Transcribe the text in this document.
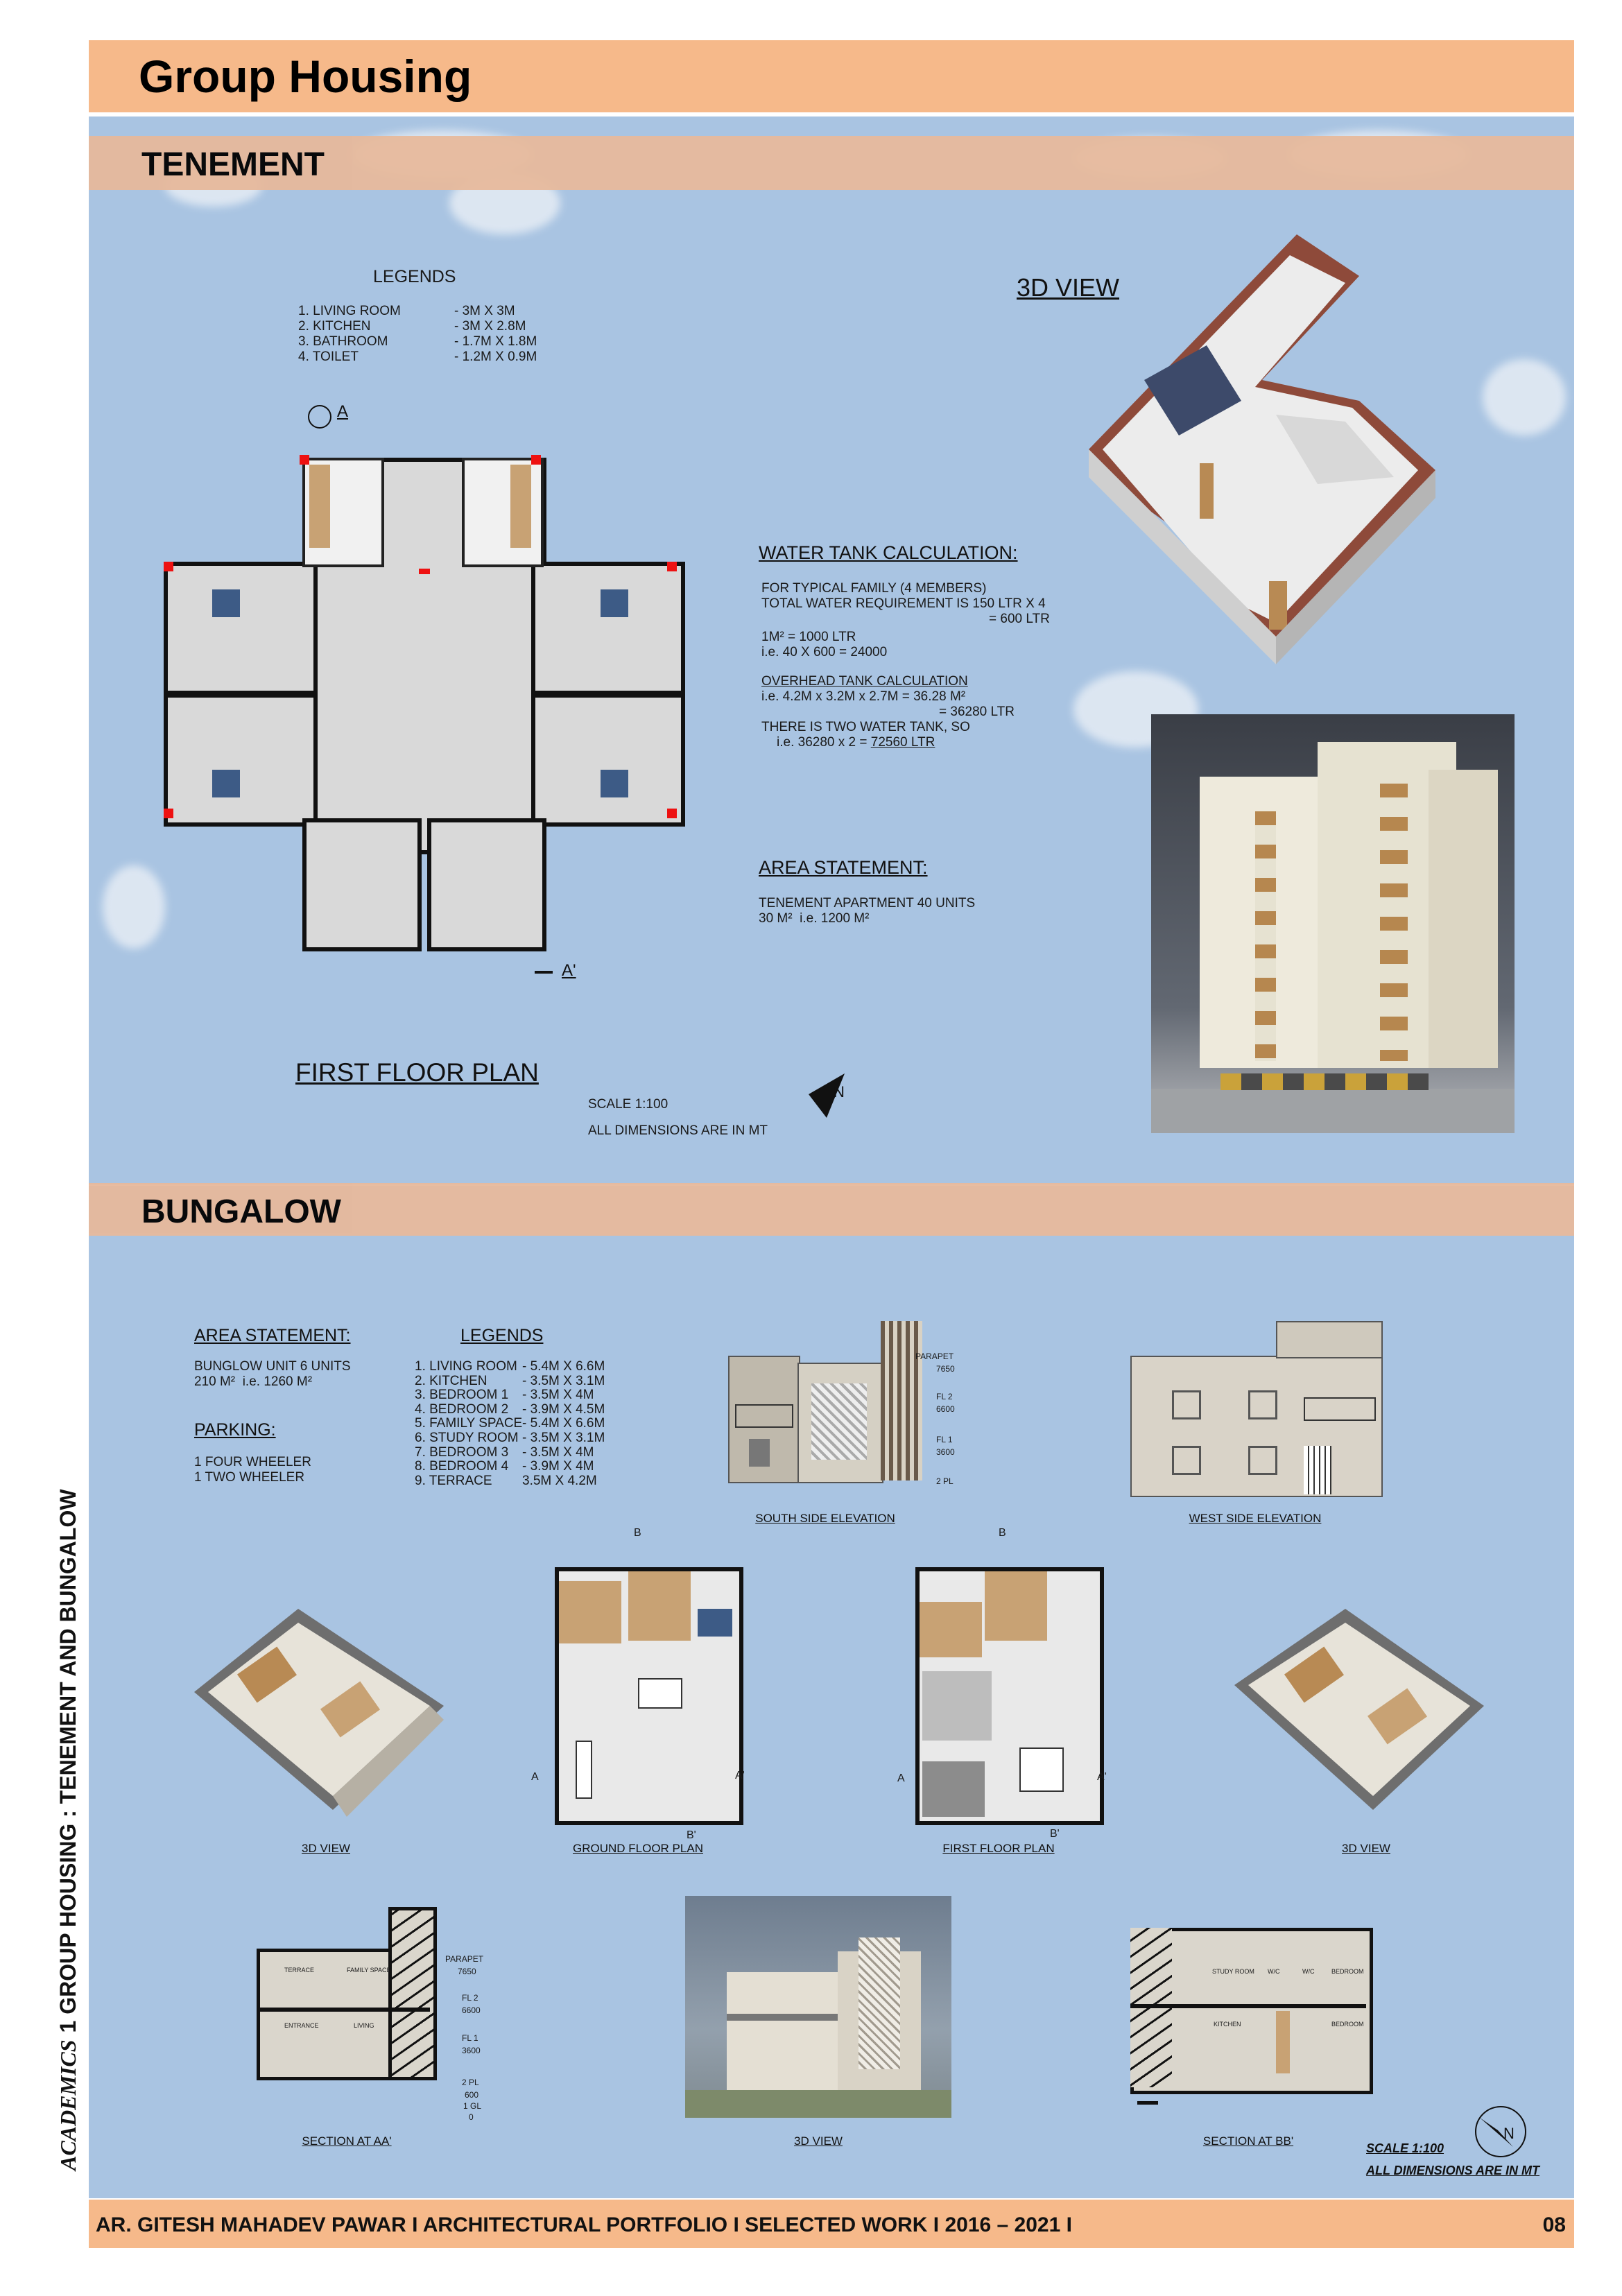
Group Housing
TENEMENT
LEGENDS
1. LIVING ROOM	- 3M X 3M
2. KITCHEN	- 3M X 2.8M
3. BATHROOM	- 1.7M X 1.8M
4. TOILET	- 1.2M X 0.9M
A
A'
FIRST FLOOR PLAN
SCALE 1:100
ALL DIMENSIONS ARE IN MT
N
WATER TANK CALCULATION:
FOR TYPICAL FAMILY (4 MEMBERS)
TOTAL WATER REQUIREMENT IS 150 LTR X 4
= 600 LTR
1M² = 1000 LTR
i.e. 40 X 600 = 24000
OVERHEAD TANK CALCULATION
i.e. 4.2M x 3.2M x 2.7M = 36.28 M²
= 36280 LTR
THERE IS TWO WATER TANK, SO
i.e. 36280 x 2 = 72560 LTR
AREA STATEMENT:
TENEMENT APARTMENT 40 UNITS
30 M²  i.e. 1200 M²
3D VIEW
BUNGALOW
AREA STATEMENT:
BUNGLOW UNIT 6 UNITS
210 M²  i.e. 1260 M²
PARKING:
1 FOUR WHEELER
1 TWO WHEELER
LEGENDS
1. LIVING ROOM - 5.4M X 6.6M
2. KITCHEN	- 3.5M X 3.1M
3. BEDROOM 1 - 3.5M X 4M
4. BEDROOM 2 - 3.9M X 4.5M
5. FAMILY SPACE - 5.4M X 6.6M
6. STUDY ROOM - 3.5M X 3.1M
7. BEDROOM 3 - 3.5M X 4M
8. BEDROOM 4 - 3.9M X 4M
9. TERRACE 3.5M X 4.2M
PARAPET
7650
FL 2
6600
FL 1
3600
2 PL
SOUTH SIDE ELEVATION	WEST SIDE ELEVATION
3D VIEW	GROUND FLOOR PLAN
A	A'
B
B'
FIRST FLOOR PLAN
A	A'
B
B'
3D VIEW
TERRACE	FAMILY SPACE
ENTRANCE	LIVING
PARAPET
7650
FL 2
6600
FL 1
3600
2 PL
600
1 GL
0
SECTION AT AA'	3D VIEW
STUDY ROOM W/C	W/C	BEDROOM
KITCHEN	BEDROOM
SECTION AT BB'
SCALE 1:100
ALL DIMENSIONS ARE IN MT
N
ACADEMICS1 GROUP HOUSING : TENEMENT AND BUNGALOW
AR. GITESH MAHADEV PAWAR I ARCHITECTURAL PORTFOLIO I SELECTED WORK I 2016 – 2021 I	08
